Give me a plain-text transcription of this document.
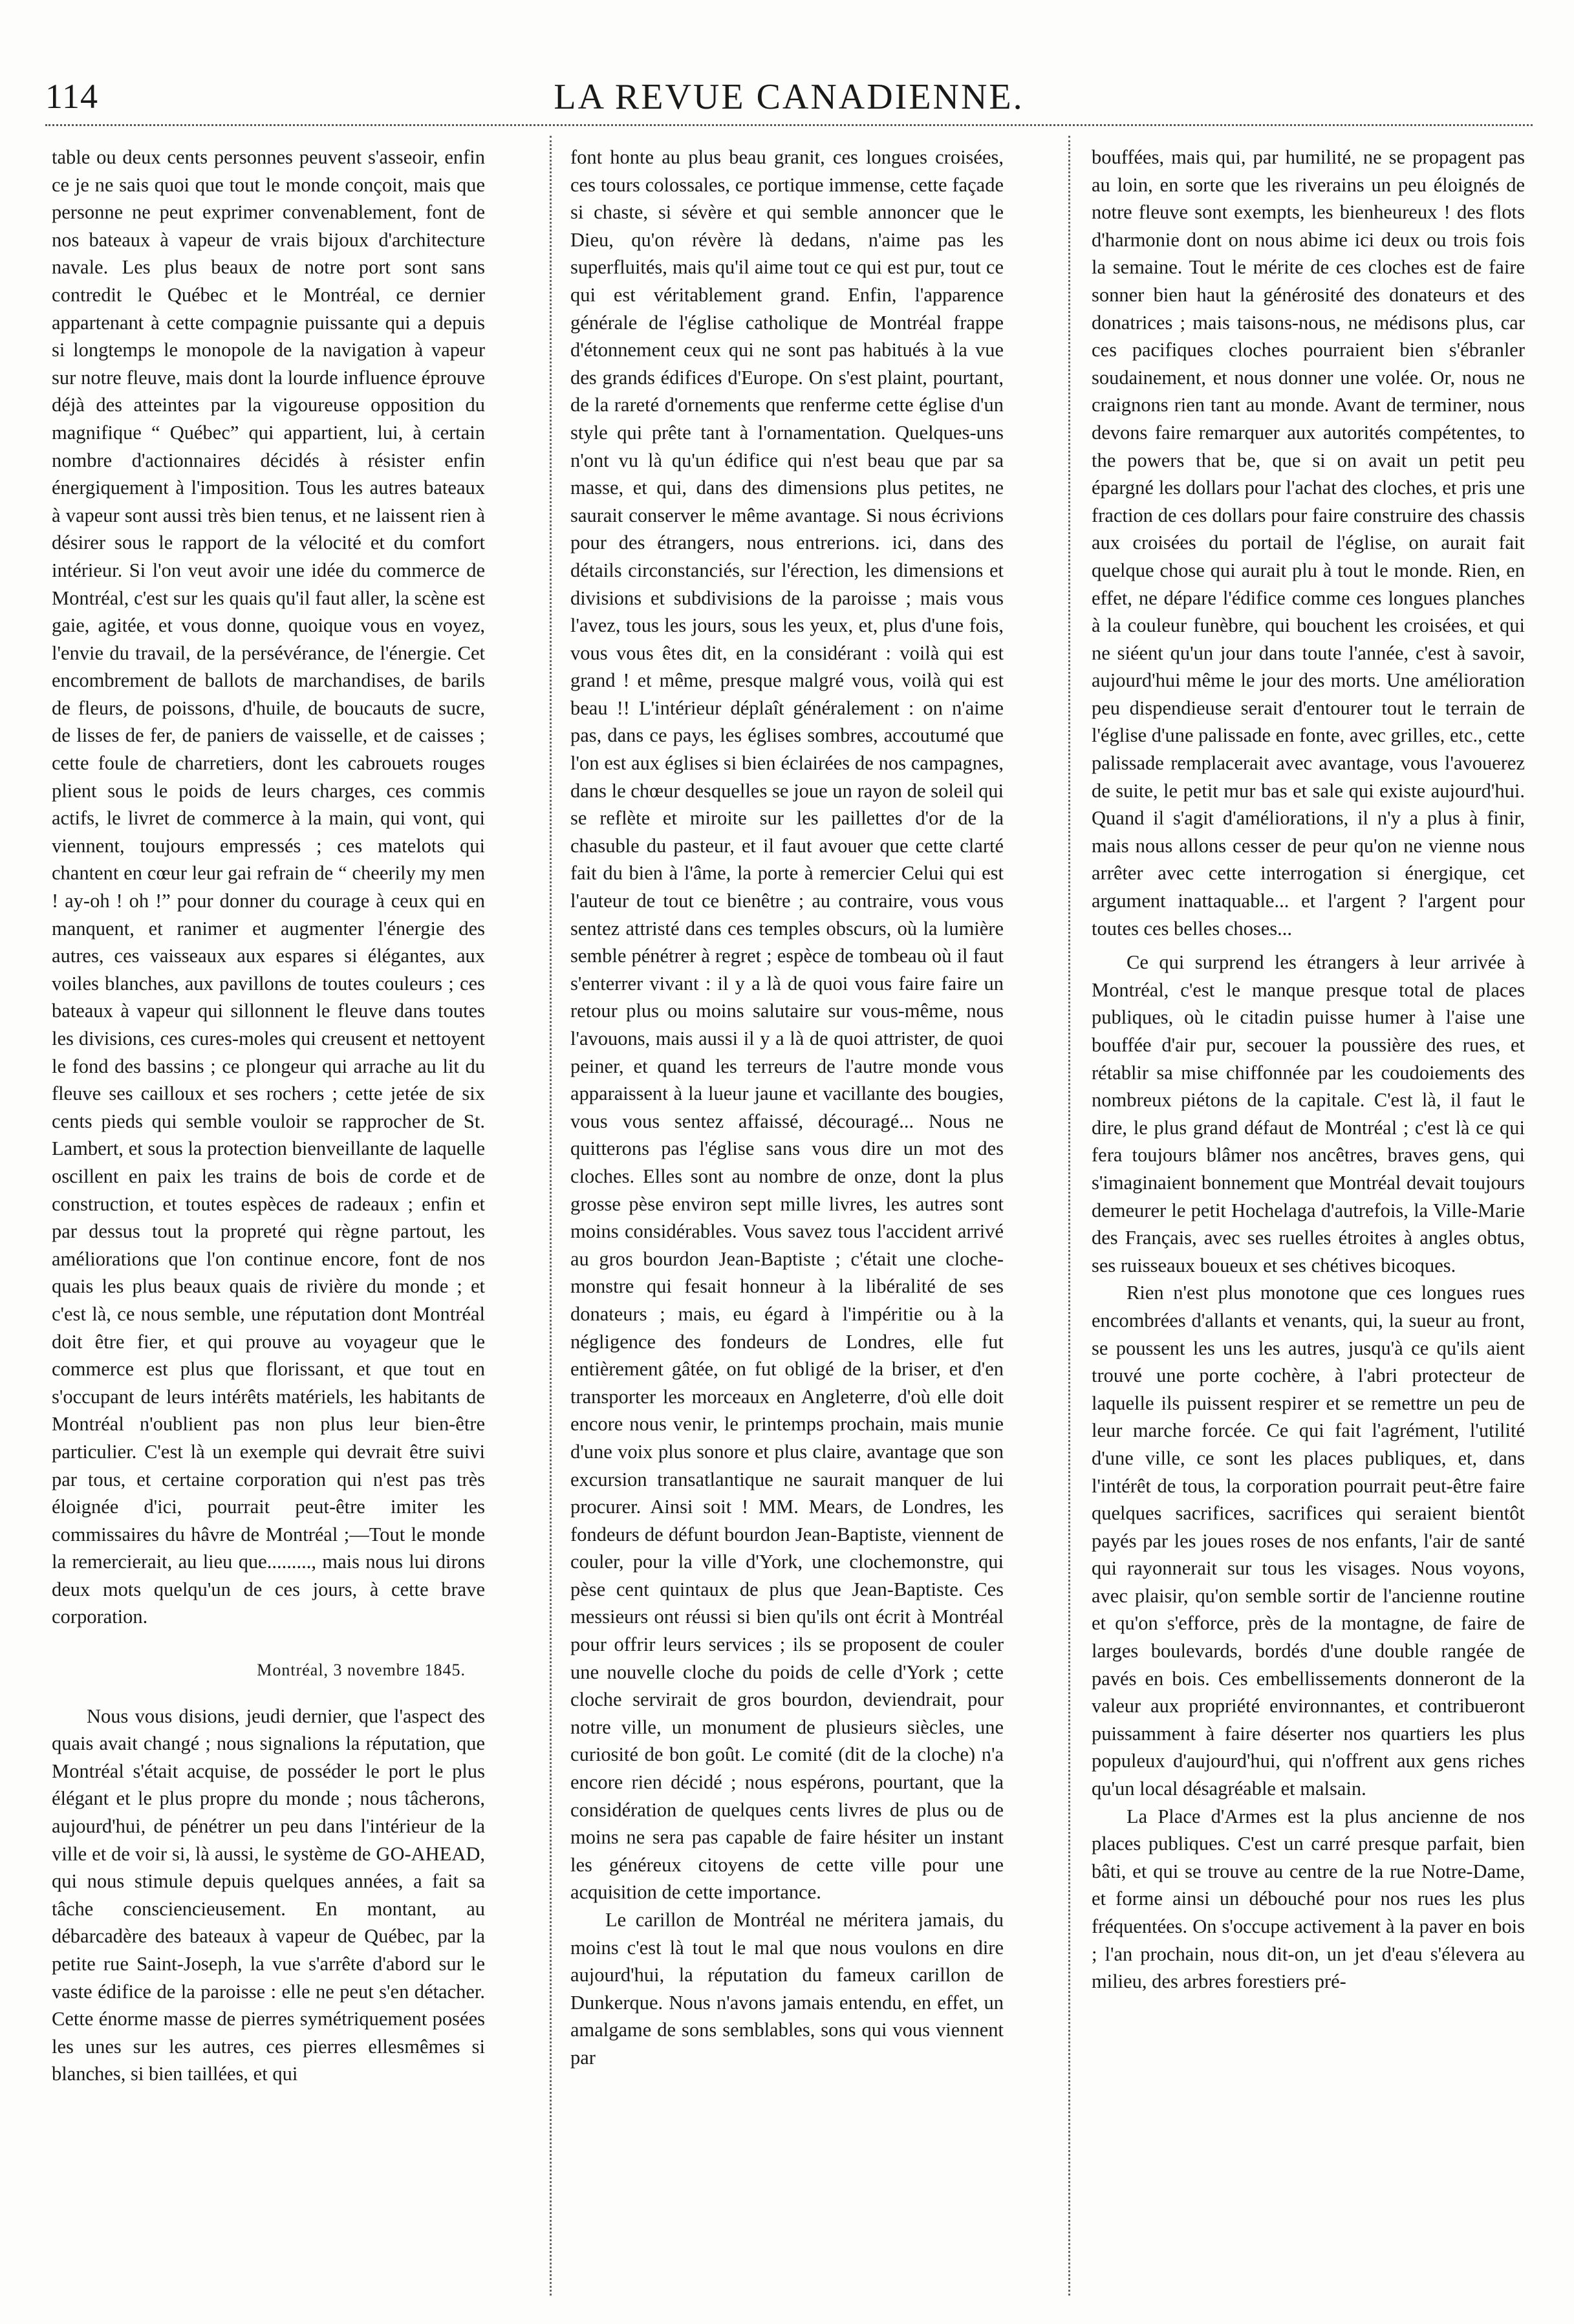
114	LA REVUE CANADIENNE.

table ou deux cents personnes peuvent s'asseoir, enfin ce je ne sais quoi que tout le monde conçoit, mais que personne ne peut exprimer convenablement, font de nos bateaux à vapeur de vrais bijoux d'architecture navale. Les plus beaux de notre port sont sans contredit le Québec et le Montréal, ce dernier appartenant à cette compagnie puissante qui a depuis si longtemps le monopole de la navigation à vapeur sur notre fleuve, mais dont la lourde influence éprouve déjà des atteintes par la vigoureuse opposition du magnifique “ Québec” qui appartient, lui, à certain nombre d'actionnaires décidés à résister enfin énergiquement à l'imposition. Tous les autres bateaux à vapeur sont aussi très bien tenus, et ne laissent rien à désirer sous le rapport de la vélocité et du comfort intérieur. Si l'on veut avoir une idée du commerce de Montréal, c'est sur les quais qu'il faut aller, la scène est gaie, agitée, et vous donne, quoique vous en voyez, l'envie du travail, de la persévérance, de l'énergie. Cet encombrement de ballots de marchandises, de barils de fleurs, de poissons, d'huile, de boucauts de sucre, de lisses de fer, de paniers de vaisselle, et de caisses ; cette foule de charretiers, dont les cabrouets rouges plient sous le poids de leurs charges, ces commis actifs, le livret de commerce à la main, qui vont, qui viennent, toujours empressés ; ces matelots qui chantent en cœur leur gai refrain de “ cheerily my men ! ay-oh ! oh !” pour donner du courage à ceux qui en manquent, et ranimer et augmenter l'énergie des autres, ces vaisseaux aux espares si élégantes, aux voiles blanches, aux pavillons de toutes couleurs ; ces bateaux à vapeur qui sillonnent le fleuve dans toutes les divisions, ces cures-moles qui creusent et nettoyent le fond des bassins ; ce plongeur qui arrache au lit du fleuve ses cailloux et ses rochers ; cette jetée de six cents pieds qui semble vouloir se rapprocher de St. Lambert, et sous la protection bienveillante de laquelle oscillent en paix les trains de bois de corde et de construction, et toutes espèces de radeaux ; enfin et par dessus tout la propreté qui règne partout, les améliorations que l'on continue encore, font de nos quais les plus beaux quais de rivière du monde ; et c'est là, ce nous semble, une réputation dont Montréal doit être fier, et qui prouve au voyageur que le commerce est plus que florissant, et que tout en s'occupant de leurs intérêts matériels, les habitants de Montréal n'oublient pas non plus leur bien-être particulier. C'est là un exemple qui devrait être suivi par tous, et certaine corporation qui n'est pas très éloignée d'ici, pourrait peut-être imiter les commissaires du hâvre de Montréal ;—Tout le monde la remercierait, au lieu que........., mais nous lui dirons deux mots quelqu'un de ces jours, à cette brave corporation.

Montréal, 3 novembre 1845.

Nous vous disions, jeudi dernier, que l'aspect des quais avait changé ; nous signalions la réputation, que Montréal s'était acquise, de posséder le port le plus élégant et le plus propre du monde ; nous tâcherons, aujourd'hui, de pénétrer un peu dans l'intérieur de la ville et de voir si, là aussi, le système de GO-AHEAD, qui nous stimule depuis quelques années, a fait sa tâche consciencieusement. En montant, au débarcadère des bateaux à vapeur de Québec, par la petite rue Saint-Joseph, la vue s'arrête d'abord sur le vaste édifice de la paroisse : elle ne peut s'en détacher. Cette énorme masse de pierres symétriquement posées les unes sur les autres, ces pierres ellesmêmes si blanches, si bien taillées, et qui

font honte au plus beau granit, ces longues croisées, ces tours colossales, ce portique immense, cette façade si chaste, si sévère et qui semble annoncer que le Dieu, qu'on révère là dedans, n'aime pas les superfluités, mais qu'il aime tout ce qui est pur, tout ce qui est véritablement grand. Enfin, l'apparence générale de l'église catholique de Montréal frappe d'étonnement ceux qui ne sont pas habitués à la vue des grands édifices d'Europe. On s'est plaint, pourtant, de la rareté d'ornements que renferme cette église d'un style qui prête tant à l'ornamentation. Quelques-uns n'ont vu là qu'un édifice qui n'est beau que par sa masse, et qui, dans des dimensions plus petites, ne saurait conserver le même avantage. Si nous écrivions pour des étrangers, nous entrerions. ici, dans des détails circonstanciés, sur l'érection, les dimensions et divisions et subdivisions de la paroisse ; mais vous l'avez, tous les jours, sous les yeux, et, plus d'une fois, vous vous êtes dit, en la considérant : voilà qui est grand ! et même, presque malgré vous, voilà qui est beau !! L'intérieur déplaît généralement : on n'aime pas, dans ce pays, les églises sombres, accoutumé que l'on est aux églises si bien éclairées de nos campagnes, dans le chœur desquelles se joue un rayon de soleil qui se reflète et miroite sur les paillettes d'or de la chasuble du pasteur, et il faut avouer que cette clarté fait du bien à l'âme, la porte à remercier Celui qui est l'auteur de tout ce bienêtre ; au contraire, vous vous sentez attristé dans ces temples obscurs, où la lumière semble pénétrer à regret ; espèce de tombeau où il faut s'enterrer vivant : il y a là de quoi vous faire faire un retour plus ou moins salutaire sur vous-même, nous l'avouons, mais aussi il y a là de quoi attrister, de quoi peiner, et quand les terreurs de l'autre monde vous apparaissent à la lueur jaune et vacillante des bougies, vous vous sentez affaissé, découragé... Nous ne quitterons pas l'église sans vous dire un mot des cloches. Elles sont au nombre de onze, dont la plus grosse pèse environ sept mille livres, les autres sont moins considérables. Vous savez tous l'accident arrivé au gros bourdon Jean-Baptiste ; c'était une cloche-monstre qui fesait honneur à la libéralité de ses donateurs ; mais, eu égard à l'impéritie ou à la négligence des fondeurs de Londres, elle fut entièrement gâtée, on fut obligé de la briser, et d'en transporter les morceaux en Angleterre, d'où elle doit encore nous venir, le printemps prochain, mais munie d'une voix plus sonore et plus claire, avantage que son excursion transatlantique ne saurait manquer de lui procurer. Ainsi soit ! MM. Mears, de Londres, les fondeurs de défunt bourdon Jean-Baptiste, viennent de couler, pour la ville d'York, une clochemonstre, qui pèse cent quintaux de plus que Jean-Baptiste. Ces messieurs ont réussi si bien qu'ils ont écrit à Montréal pour offrir leurs services ; ils se proposent de couler une nouvelle cloche du poids de celle d'York ; cette cloche servirait de gros bourdon, deviendrait, pour notre ville, un monument de plusieurs siècles, une curiosité de bon goût. Le comité (dit de la cloche) n'a encore rien décidé ; nous espérons, pourtant, que la considération de quelques cents livres de plus ou de moins ne sera pas capable de faire hésiter un instant les généreux citoyens de cette ville pour une acquisition de cette importance.

Le carillon de Montréal ne méritera jamais, du moins c'est là tout le mal que nous voulons en dire aujourd'hui, la réputation du fameux carillon de Dunkerque. Nous n'avons jamais entendu, en effet, un amalgame de sons semblables, sons qui vous viennent par

bouffées, mais qui, par humilité, ne se propagent pas au loin, en sorte que les riverains un peu éloignés de notre fleuve sont exempts, les bienheureux ! des flots d'harmonie dont on nous abime ici deux ou trois fois la semaine. Tout le mérite de ces cloches est de faire sonner bien haut la générosité des donateurs et des donatrices ; mais taisons-nous, ne médisons plus, car ces pacifiques cloches pourraient bien s'ébranler soudainement, et nous donner une volée. Or, nous ne craignons rien tant au monde. Avant de terminer, nous devons faire remarquer aux autorités compétentes, to the powers that be, que si on avait un petit peu épargné les dollars pour l'achat des cloches, et pris une fraction de ces dollars pour faire construire des chassis aux croisées du portail de l'église, on aurait fait quelque chose qui aurait plu à tout le monde. Rien, en effet, ne dépare l'édifice comme ces longues planches à la couleur funèbre, qui bouchent les croisées, et qui ne siéent qu'un jour dans toute l'année, c'est à savoir, aujourd'hui même le jour des morts. Une amélioration peu dispendieuse serait d'entourer tout le terrain de l'église d'une palissade en fonte, avec grilles, etc., cette palissade remplacerait avec avantage, vous l'avouerez de suite, le petit mur bas et sale qui existe aujourd'hui. Quand il s'agit d'améliorations, il n'y a plus à finir, mais nous allons cesser de peur qu'on ne vienne nous arrêter avec cette interrogation si énergique, cet argument inattaquable... et l'argent ? l'argent pour toutes ces belles choses...

Ce qui surprend les étrangers à leur arrivée à Montréal, c'est le manque presque total de places publiques, où le citadin puisse humer à l'aise une bouffée d'air pur, secouer la poussière des rues, et rétablir sa mise chiffonnée par les coudoiements des nombreux piétons de la capitale. C'est là, il faut le dire, le plus grand défaut de Montréal ; c'est là ce qui fera toujours blâmer nos ancêtres, braves gens, qui s'imaginaient bonnement que Montréal devait toujours demeurer le petit Hochelaga d'autrefois, la Ville-Marie des Français, avec ses ruelles étroites à angles obtus, ses ruisseaux boueux et ses chétives bicoques.

Rien n'est plus monotone que ces longues rues encombrées d'allants et venants, qui, la sueur au front, se poussent les uns les autres, jusqu'à ce qu'ils aient trouvé une porte cochère, à l'abri protecteur de laquelle ils puissent respirer et se remettre un peu de leur marche forcée. Ce qui fait l'agrément, l'utilité d'une ville, ce sont les places publiques, et, dans l'intérêt de tous, la corporation pourrait peut-être faire quelques sacrifices, sacrifices qui seraient bientôt payés par les joues roses de nos enfants, l'air de santé qui rayonnerait sur tous les visages. Nous voyons, avec plaisir, qu'on semble sortir de l'ancienne routine et qu'on s'efforce, près de la montagne, de faire de larges boulevards, bordés d'une double rangée de pavés en bois. Ces embellissements donneront de la valeur aux propriété environnantes, et contribueront puissamment à faire déserter nos quartiers les plus populeux d'aujourd'hui, qui n'offrent aux gens riches qu'un local désagréable et malsain.

La Place d'Armes est la plus ancienne de nos places publiques. C'est un carré presque parfait, bien bâti, et qui se trouve au centre de la rue Notre-Dame, et forme ainsi un débouché pour nos rues les plus fréquentées. On s'occupe activement à la paver en bois ; l'an prochain, nous dit-on, un jet d'eau s'élevera au milieu, des arbres forestiers pré-
